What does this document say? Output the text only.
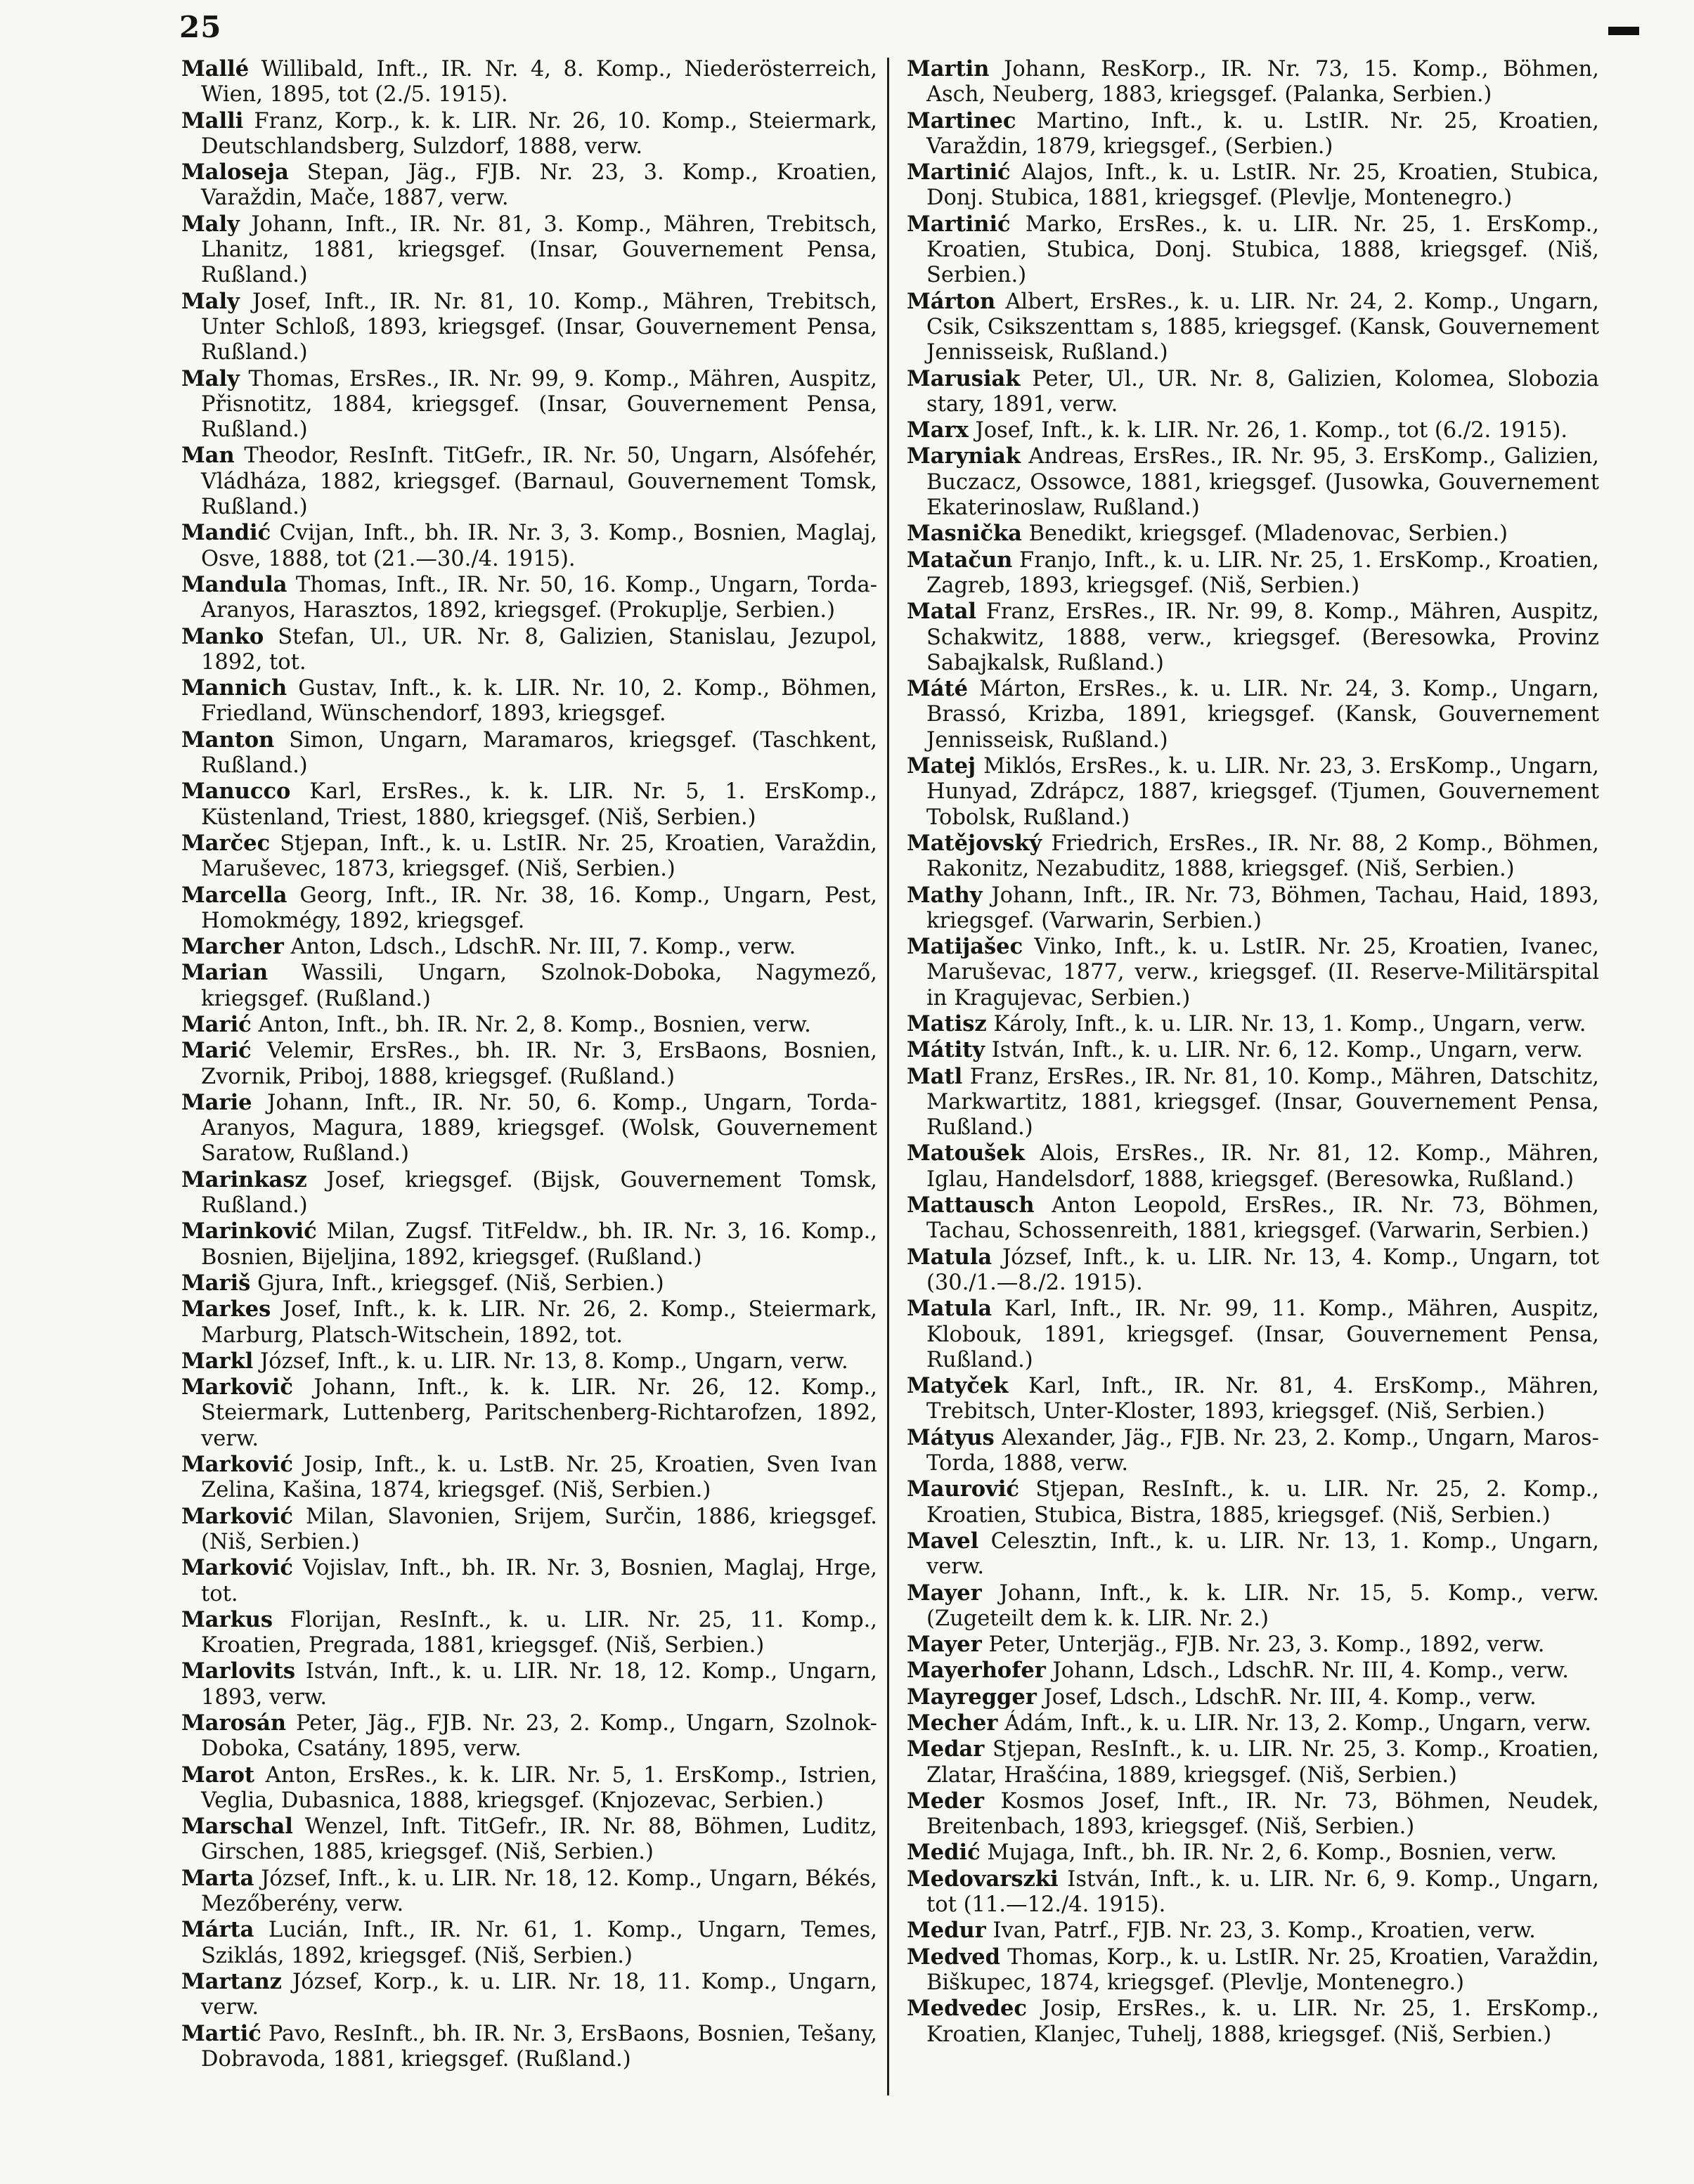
25

Mallé Willibald, Inft., IR. Nr. 4, 8. Komp., Niederösterreich, Wien, 1895, tot (2./5. 1915).

Malli Franz, Korp., k. k. LIR. Nr. 26, 10. Komp., Steiermark, Deutschlandsberg, Sulzdorf, 1888, verw.

Maloseja Stepan, Jäg., FJB. Nr. 23, 3. Komp., Kroatien, Varaždin, Mače, 1887, verw.

Maly Johann, Inft., IR. Nr. 81, 3. Komp., Mähren, Trebitsch, Lhanitz, 1881, kriegsgef. (Insar, Gouvernement Pensa, Rußland.)

Maly Josef, Inft., IR. Nr. 81, 10. Komp., Mähren, Trebitsch, Unter Schloß, 1893, kriegsgef. (Insar, Gouvernement Pensa, Rußland.)

Maly Thomas, ErsRes., IR. Nr. 99, 9. Komp., Mähren, Auspitz, Přisnotitz, 1884, kriegsgef. (Insar, Gouvernement Pensa, Rußland.)

Man Theodor, ResInft. TitGefr., IR. Nr. 50, Ungarn, Alsófehér, Vládháza, 1882, kriegsgef. (Barnaul, Gouvernement Tomsk, Rußland.)

Mandić Cvijan, Inft., bh. IR. Nr. 3, 3. Komp., Bosnien, Maglaj, Osve, 1888, tot (21.—30./4. 1915).

Mandula Thomas, Inft., IR. Nr. 50, 16. Komp., Ungarn, Torda-Aranyos, Harasztos, 1892, kriegsgef. (Prokuplje, Serbien.)

Manko Stefan, Ul., UR. Nr. 8, Galizien, Stanislau, Jezupol, 1892, tot.

Mannich Gustav, Inft., k. k. LIR. Nr. 10, 2. Komp., Böhmen, Friedland, Wünschendorf, 1893, kriegsgef.

Manton Simon, Ungarn, Maramaros, kriegsgef. (Taschkent, Rußland.)

Manucco Karl, ErsRes., k. k. LIR. Nr. 5, 1. ErsKomp., Küstenland, Triest, 1880, kriegsgef. (Niš, Serbien.)

Marčec Stjepan, Inft., k. u. LstIR. Nr. 25, Kroatien, Varaždin, Maruševec, 1873, kriegsgef. (Niš, Serbien.)

Marcella Georg, Inft., IR. Nr. 38, 16. Komp., Ungarn, Pest, Homokmégy, 1892, kriegsgef.

Marcher Anton, Ldsch., LdschR. Nr. III, 7. Komp., verw.

Marian Wassili, Ungarn, Szolnok-Doboka, Nagymező, kriegsgef. (Rußland.)

Marić Anton, Inft., bh. IR. Nr. 2, 8. Komp., Bosnien, verw.

Marić Velemir, ErsRes., bh. IR. Nr. 3, ErsBaons, Bosnien, Zvornik, Priboj, 1888, kriegsgef. (Rußland.)

Marie Johann, Inft., IR. Nr. 50, 6. Komp., Ungarn, Torda-Aranyos, Magura, 1889, kriegsgef. (Wolsk, Gouvernement Saratow, Rußland.)

Marinkasz Josef, kriegsgef. (Bijsk, Gouvernement Tomsk, Rußland.)

Marinković Milan, Zugsf. TitFeldw., bh. IR. Nr. 3, 16. Komp., Bosnien, Bijeljina, 1892, kriegsgef. (Rußland.)

Mariš Gjura, Inft., kriegsgef. (Niš, Serbien.)

Markes Josef, Inft., k. k. LIR. Nr. 26, 2. Komp., Steiermark, Marburg, Platsch-Witschein, 1892, tot.

Markl József, Inft., k. u. LIR. Nr. 13, 8. Komp., Ungarn, verw.

Markovič Johann, Inft., k. k. LIR. Nr. 26, 12. Komp., Steiermark, Luttenberg, Paritschenberg-Richtarofzen, 1892, verw.

Marković Josip, Inft., k. u. LstB. Nr. 25, Kroatien, Sven Ivan Zelina, Kašina, 1874, kriegsgef. (Niš, Serbien.)

Marković Milan, Slavonien, Srijem, Surčin, 1886, kriegsgef. (Niš, Serbien.)

Marković Vojislav, Inft., bh. IR. Nr. 3, Bosnien, Maglaj, Hrge, tot.

Markus Florijan, ResInft., k. u. LIR. Nr. 25, 11. Komp., Kroatien, Pregrada, 1881, kriegsgef. (Niš, Serbien.)

Marlovits István, Inft., k. u. LIR. Nr. 18, 12. Komp., Ungarn, 1893, verw.

Marosán Peter, Jäg., FJB. Nr. 23, 2. Komp., Ungarn, Szolnok-Doboka, Csatány, 1895, verw.

Marot Anton, ErsRes., k. k. LIR. Nr. 5, 1. ErsKomp., Istrien, Veglia, Dubasnica, 1888, kriegsgef. (Knjozevac, Serbien.)

Marschal Wenzel, Inft. TitGefr., IR. Nr. 88, Böhmen, Luditz, Girschen, 1885, kriegsgef. (Niš, Serbien.)

Marta József, Inft., k. u. LIR. Nr. 18, 12. Komp., Ungarn, Békés, Mezőberény, verw.

Márta Lucián, Inft., IR. Nr. 61, 1. Komp., Ungarn, Temes, Sziklás, 1892, kriegsgef. (Niš, Serbien.)

Martanz József, Korp., k. u. LIR. Nr. 18, 11. Komp., Ungarn, verw.

Martić Pavo, ResInft., bh. IR. Nr. 3, ErsBaons, Bosnien, Tešany, Dobravoda, 1881, kriegsgef. (Rußland.)

Martin Johann, ResKorp., IR. Nr. 73, 15. Komp., Böhmen, Asch, Neuberg, 1883, kriegsgef. (Palanka, Serbien.)

Martinec Martino, Inft., k. u. LstIR. Nr. 25, Kroatien, Varaždin, 1879, kriegsgef., (Serbien.)

Martinić Alajos, Inft., k. u. LstIR. Nr. 25, Kroatien, Stubica, Donj. Stubica, 1881, kriegsgef. (Plevlje, Montenegro.)

Martinić Marko, ErsRes., k. u. LIR. Nr. 25, 1. ErsKomp., Kroatien, Stubica, Donj. Stubica, 1888, kriegsgef. (Niš, Serbien.)

Márton Albert, ErsRes., k. u. LIR. Nr. 24, 2. Komp., Ungarn, Csik, Csikszenttam s, 1885, kriegsgef. (Kansk, Gouvernement Jennisseisk, Rußland.)

Marusiak Peter, Ul., UR. Nr. 8, Galizien, Kolomea, Slobozia stary, 1891, verw.

Marx Josef, Inft., k. k. LIR. Nr. 26, 1. Komp., tot (6./2. 1915).

Maryniak Andreas, ErsRes., IR. Nr. 95, 3. ErsKomp., Galizien, Buczacz, Ossowce, 1881, kriegsgef. (Jusowka, Gouvernement Ekaterinoslaw, Rußland.)

Masnička Benedikt, kriegsgef. (Mladenovac, Serbien.)

Matačun Franjo, Inft., k. u. LIR. Nr. 25, 1. ErsKomp., Kroatien, Zagreb, 1893, kriegsgef. (Niš, Serbien.)

Matal Franz, ErsRes., IR. Nr. 99, 8. Komp., Mähren, Auspitz, Schakwitz, 1888, verw., kriegsgef. (Beresowka, Provinz Sabajkalsk, Rußland.)

Máté Márton, ErsRes., k. u. LIR. Nr. 24, 3. Komp., Ungarn, Brassó, Krizba, 1891, kriegsgef. (Kansk, Gouvernement Jennisseisk, Rußland.)

Matej Miklós, ErsRes., k. u. LIR. Nr. 23, 3. ErsKomp., Ungarn, Hunyad, Zdrápcz, 1887, kriegsgef. (Tjumen, Gouvernement Tobolsk, Rußland.)

Matějovský Friedrich, ErsRes., IR. Nr. 88, 2 Komp., Böhmen, Rakonitz, Nezabuditz, 1888, kriegsgef. (Niš, Serbien.)

Mathy Johann, Inft., IR. Nr. 73, Böhmen, Tachau, Haid, 1893, kriegsgef. (Varwarin, Serbien.)

Matijašec Vinko, Inft., k. u. LstIR. Nr. 25, Kroatien, Ivanec, Maruševac, 1877, verw., kriegsgef. (II. Reserve-Militärspital in Kragujevac, Serbien.)

Matisz Károly, Inft., k. u. LIR. Nr. 13, 1. Komp., Ungarn, verw.

Mátity István, Inft., k. u. LIR. Nr. 6, 12. Komp., Ungarn, verw.

Matl Franz, ErsRes., IR. Nr. 81, 10. Komp., Mähren, Datschitz, Markwartitz, 1881, kriegsgef. (Insar, Gouvernement Pensa, Rußland.)

Matoušek Alois, ErsRes., IR. Nr. 81, 12. Komp., Mähren, Iglau, Handelsdorf, 1888, kriegsgef. (Beresowka, Rußland.)

Mattausch Anton Leopold, ErsRes., IR. Nr. 73, Böhmen, Tachau, Schossenreith, 1881, kriegsgef. (Varwarin, Serbien.)

Matula József, Inft., k. u. LIR. Nr. 13, 4. Komp., Ungarn, tot (30./1.—8./2. 1915).

Matula Karl, Inft., IR. Nr. 99, 11. Komp., Mähren, Auspitz, Klobouk, 1891, kriegsgef. (Insar, Gouvernement Pensa, Rußland.)

Matyček Karl, Inft., IR. Nr. 81, 4. ErsKomp., Mähren, Trebitsch, Unter-Kloster, 1893, kriegsgef. (Niš, Serbien.)

Mátyus Alexander, Jäg., FJB. Nr. 23, 2. Komp., Ungarn, Maros-Torda, 1888, verw.

Maurović Stjepan, ResInft., k. u. LIR. Nr. 25, 2. Komp., Kroatien, Stubica, Bistra, 1885, kriegsgef. (Niš, Serbien.)

Mavel Celesztin, Inft., k. u. LIR. Nr. 13, 1. Komp., Ungarn, verw.

Mayer Johann, Inft., k. k. LIR. Nr. 15, 5. Komp., verw. (Zugeteilt dem k. k. LIR. Nr. 2.)

Mayer Peter, Unterjäg., FJB. Nr. 23, 3. Komp., 1892, verw.

Mayerhofer Johann, Ldsch., LdschR. Nr. III, 4. Komp., verw.

Mayregger Josef, Ldsch., LdschR. Nr. III, 4. Komp., verw.

Mecher Ádám, Inft., k. u. LIR. Nr. 13, 2. Komp., Ungarn, verw.

Medar Stjepan, ResInft., k. u. LIR. Nr. 25, 3. Komp., Kroatien, Zlatar, Hrašćina, 1889, kriegsgef. (Niš, Serbien.)

Meder Kosmos Josef, Inft., IR. Nr. 73, Böhmen, Neudek, Breitenbach, 1893, kriegsgef. (Niš, Serbien.)

Medić Mujaga, Inft., bh. IR. Nr. 2, 6. Komp., Bosnien, verw.

Medovarszki István, Inft., k. u. LIR. Nr. 6, 9. Komp., Ungarn, tot (11.—12./4. 1915).

Medur Ivan, Patrf., FJB. Nr. 23, 3. Komp., Kroatien, verw.

Medved Thomas, Korp., k. u. LstIR. Nr. 25, Kroatien, Varaždin, Biškupec, 1874, kriegsgef. (Plevlje, Montenegro.)

Medvedec Josip, ErsRes., k. u. LIR. Nr. 25, 1. ErsKomp., Kroatien, Klanjec, Tuhelj, 1888, kriegsgef. (Niš, Serbien.)
